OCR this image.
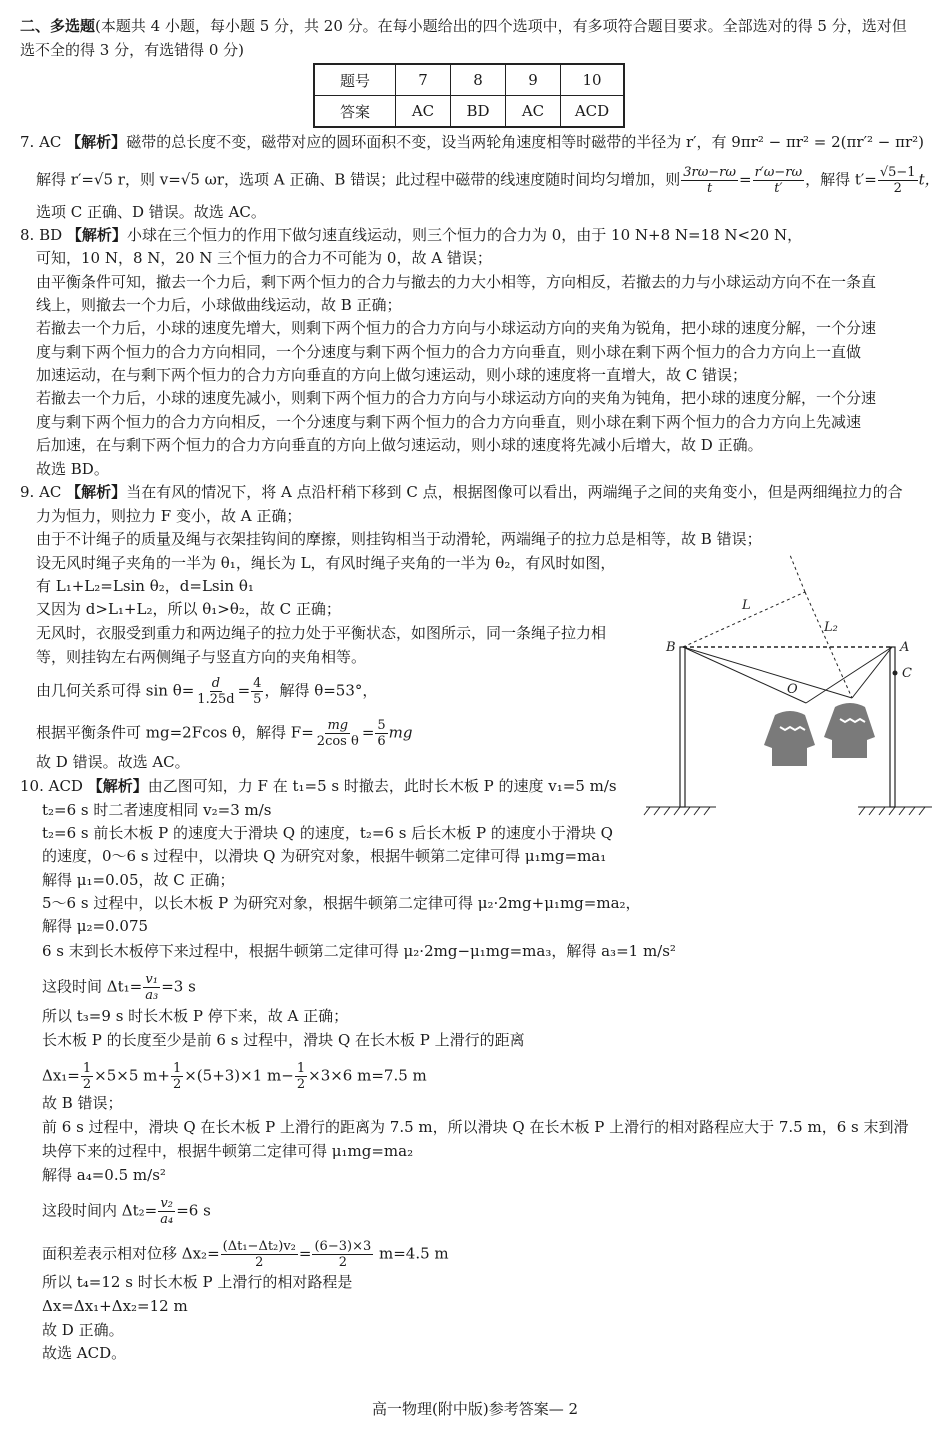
二、多选题(本题共 4 小题，每小题 5 分，共 20 分。在每小题给出的四个选项中，有多项符合题目要求。全部选对的得 5 分，选对但
选不全的得 3 分，有选错得 0 分)
题号	7	8	9	10
答案	AC	BD	AC	ACD
7. AC 【解析】磁带的总长度不变，磁带对应的圆环面积不变，设当两轮角速度相等时磁带的半径为 r′，有 9πr² − πr² = 2(πr′² − πr²)
解得 r′=√5 r，则 v=√5 ωr，选项 A 正确、B 错误；此过程中磁带的线速度随时间均匀增加，则 $\frac{3r\omega-r\omega}{t} = \frac{r'\omega-r\omega}{t'}$ ，解得 $t'= \frac{√5-1}{2}$ t，
选项 C 正确、D 错误。故选 AC。
8. BD 【解析】小球在三个恒力的作用下做匀速直线运动，则三个恒力的合力为 0，由于 10 N+8 N=18 N<20 N，
可知，10 N，8 N，20 N 三个恒力的合力不可能为 0，故 A 错误；
由平衡条件可知，撤去一个力后，剩下两个恒力的合力与撤去的力大小相等，方向相反，若撤去的力与小球运动方向不在一条直
线上，则撤去一个力后，小球做曲线运动，故 B 正确；
若撤去一个力后，小球的速度先增大，则剩下两个恒力的合力方向与小球运动方向的夹角为锐角，把小球的速度分解，一个分速
度与剩下两个恒力的合力方向相同，一个分速度与剩下两个恒力的合力方向垂直，则小球在剩下两个恒力的合力方向上一直做
加速运动，在与剩下两个恒力的合力方向垂直的方向上做匀速运动，则小球的速度将一直增大，故 C 错误；
若撤去一个力后，小球的速度先减小，则剩下两个恒力的合力方向与小球运动方向的夹角为钝角，把小球的速度分解，一个分速
度与剩下两个恒力的合力方向相反，一个分速度与剩下两个恒力的合力方向垂直，则小球在剩下两个恒力的合力方向上先减速
后加速，在与剩下两个恒力的合力方向垂直的方向上做匀速运动，则小球的速度将先减小后增大，故 D 正确。
故选 BD。
9. AC 【解析】当在有风的情况下，将 A 点沿杆稍下移到 C 点，根据图像可以看出，两端绳子之间的夹角变小，但是两细绳拉力的合
力为恒力，则拉力 F 变小，故 A 正确；
由于不计绳子的质量及绳与衣架挂钩间的摩擦，则挂钩相当于动滑轮，两端绳子的拉力总是相等，故 B 错误；
设无风时绳子夹角的一半为 θ₁，绳长为 L，有风时绳子夹角的一半为 θ₂，有风时如图，
有 L₁+L₂=Lsin θ₂，d=Lsin θ₁
又因为 d>L₁+L₂，所以 θ₁>θ₂，故 C 正确；
无风时，衣服受到重力和两边绳子的拉力处于平衡状态，如图所示，同一条绳子拉力相
等，则挂钩左右两侧绳子与竖直方向的夹角相等。
由几何关系可得 $\sin \theta= \frac{d}{1.25d} = \frac{4}{5}$ ，解得 θ=53°，
根据平衡条件可 mg=2Fcos θ，解得 $F= \frac{mg}{\text{2cos θ}} = \frac{5}{6}$ mg
故 D 错误。故选 AC。
L
L₂
B	A
C
O
10. ACD 【解析】由乙图可知，力 F 在 t₁=5 s 时撤去，此时长木板 P 的速度 v₁=5 m/s
t₂=6 s 时二者速度相同 v₂=3 m/s
t₂=6 s 前长木板 P 的速度大于滑块 Q 的速度，t₂=6 s 后长木板 P 的速度小于滑块 Q
的速度，0～6 s 过程中，以滑块 Q 为研究对象，根据牛顿第二定律可得 μ₁mg=ma₁
解得 μ₁=0.05，故 C 正确；
5～6 s 过程中，以长木板 P 为研究对象，根据牛顿第二定律可得 μ₂·2mg+μ₁mg=ma₂，
解得 μ₂=0.075
6 s 末到长木板停下来过程中，根据牛顿第二定律可得 μ₂·2mg−μ₁mg=ma₃，解得 a₃=1 m/s²
这段时间 $\Delta t_1= \frac{\text{v₁}}{\text{a₃}} =3$ s
所以 t₃=9 s 时长木板 P 停下来，故 A 正确；
长木板 P 的长度至少是前 6 s 过程中，滑块 Q 在长木板 P 上滑行的距离
$\Delta x_1= \frac{1}{2} \times 5\times 5$ $m+ \frac{1}{2} \times(5+3)\times 1$ $m- \frac{1}{2} \times 3\times 6$ m=7.5 m
故 B 错误；
前 6 s 过程中，滑块 Q 在长木板 P 上滑行的距离为 7.5 m，所以滑块 Q 在长木板 P 上滑行的相对路程应大于 7.5 m，6 s 末到滑
块停下来的过程中，根据牛顿第二定律可得 μ₁mg=ma₂
解得 a₄=0.5 m/s²
这段时间内 $\Delta t_2= \frac{\text{v₂}}{\text{a₄}} =6$ s
面积差表示相对位移 $\Delta x_2= \frac{\text{(Δt₁−Δt₂)v₂}}{2} = \frac{(6-3)\times 3}{2} m=4.5$ m
所以 t₄=12 s 时长木板 P 上滑行的相对路程是
Δx=Δx₁+Δx₂=12 m
故 D 正确。
故选 ACD。
高一物理(附中版)参考答案— 2
